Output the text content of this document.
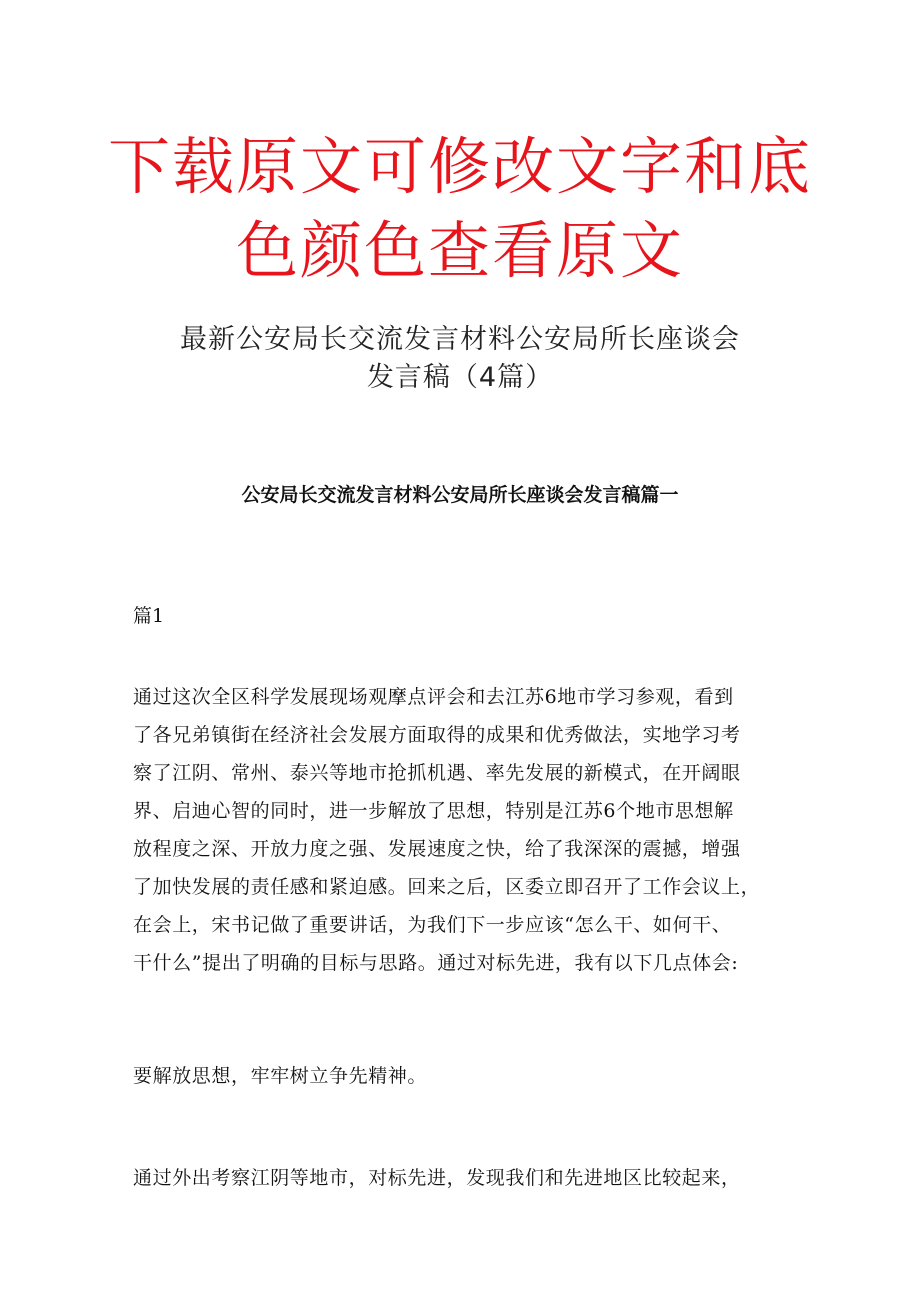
下载原文可修改文字和底
色颜色查看原文
最新公安局长交流发言材料公安局所长座谈会
发言稿（4篇）
公安局长交流发言材料公安局所长座谈会发言稿篇一
篇1
通过这次全区科学发展现场观摩点评会和去江苏6地市学习参观，看到
了各兄弟镇街在经济社会发展方面取得的成果和优秀做法，实地学习考
察了江阴、常州、泰兴等地市抢抓机遇、率先发展的新模式，在开阔眼
界、启迪心智的同时，进一步解放了思想，特别是江苏6个地市思想解
放程度之深、开放力度之强、发展速度之快，给了我深深的震撼，增强
了加快发展的责任感和紧迫感。回来之后，区委立即召开了工作会议上，
在会上，宋书记做了重要讲话，为我们下一步应该“怎么干、如何干、
干什么”提出了明确的目标与思路。通过对标先进，我有以下几点体会:
要解放思想，牢牢树立争先精神。
通过外出考察江阴等地市，对标先进，发现我们和先进地区比较起来，
